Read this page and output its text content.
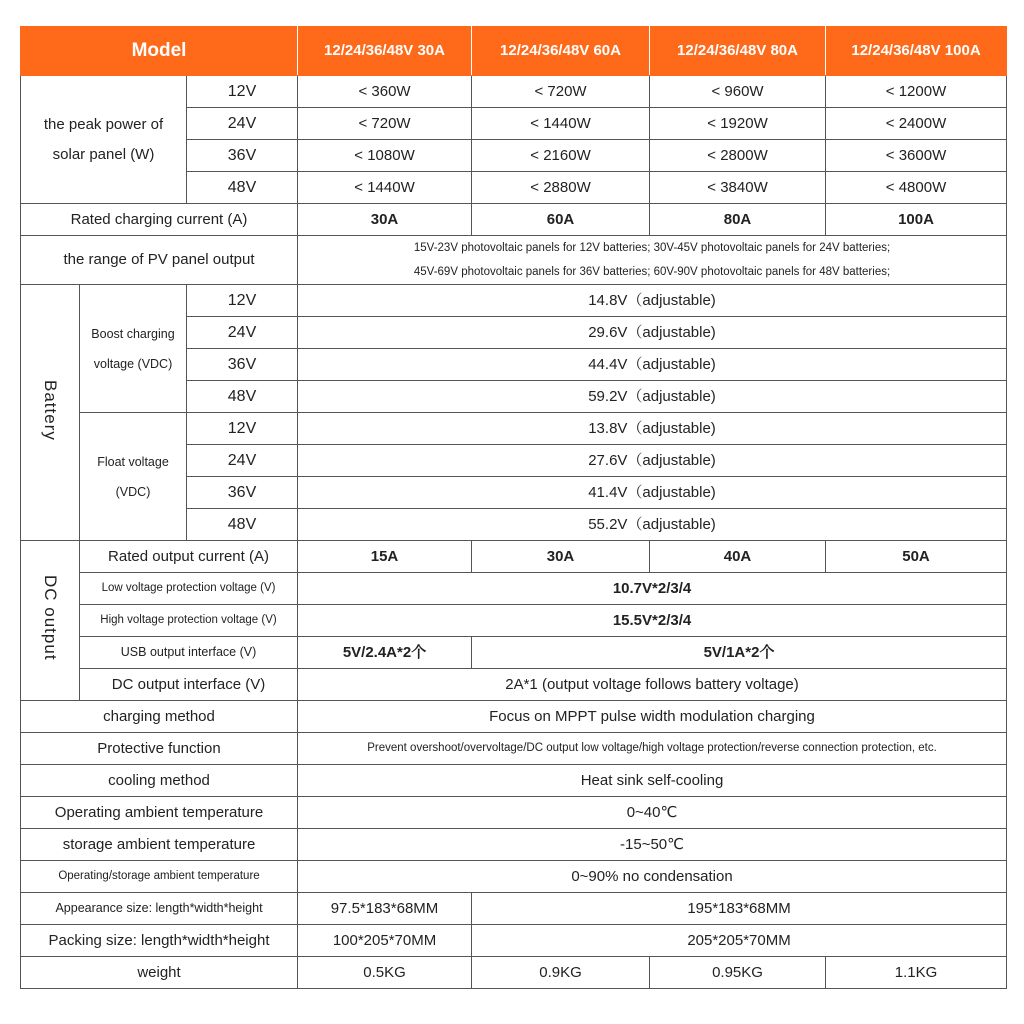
Model			12/24/36/48V 30A	12/24/36/48V 60A	12/24/36/48V 80A	12/24/36/48V 100A

the peak power of
solar panel (W)		12V	< 360W	< 720W	< 960W	< 1200W
		24V	< 720W	< 1440W	< 1920W	< 2400W
		36V	< 1080W	< 2160W	< 2800W	< 3600W
		48V	< 1440W	< 2880W	< 3840W	< 4800W
Rated charging current (A)			30A	60A	80A	100A
the range of PV panel output			15V-23V photovoltaic panels for 12V batteries; 30V-45V photovoltaic panels for 24V batteries;
45V-69V photovoltaic panels for 36V batteries; 60V-90V photovoltaic panels for 48V batteries;			

Battery	Boost charging
voltage (VDC)	12V	14.8V（adjustable)			
		24V	29.6V（adjustable)			
		36V	44.4V（adjustable)			
		48V	59.2V（adjustable)			

	Float voltage
(VDC)	12V	13.8V（adjustable)			
		24V	27.6V（adjustable)			
		36V	41.4V（adjustable)			
		48V	55.2V（adjustable)			
DC output	Rated output current (A)		15A	30A	40A	50A
	Low voltage protection voltage (V)		10.7V*2/3/4			
	High voltage protection voltage (V)		15.5V*2/3/4			
	USB output interface (V)		5V/2.4A*2个	5V/1A*2个		
	DC output interface (V)		2A*1 (output voltage follows battery voltage)			
charging method			Focus on MPPT pulse width modulation charging			
Protective function			Prevent overshoot/overvoltage/DC output low voltage/high voltage protection/reverse connection protection, etc.			
cooling method			Heat sink self-cooling			
Operating ambient temperature			0~40℃			
storage ambient temperature			-15~50℃			
Operating/storage ambient temperature			0~90% no condensation			
Appearance size: length*width*height			97.5*183*68MM	195*183*68MM		
Packing size: length*width*height			100*205*70MM	205*205*70MM		
weight			0.5KG	0.9KG	0.95KG	1.1KG
